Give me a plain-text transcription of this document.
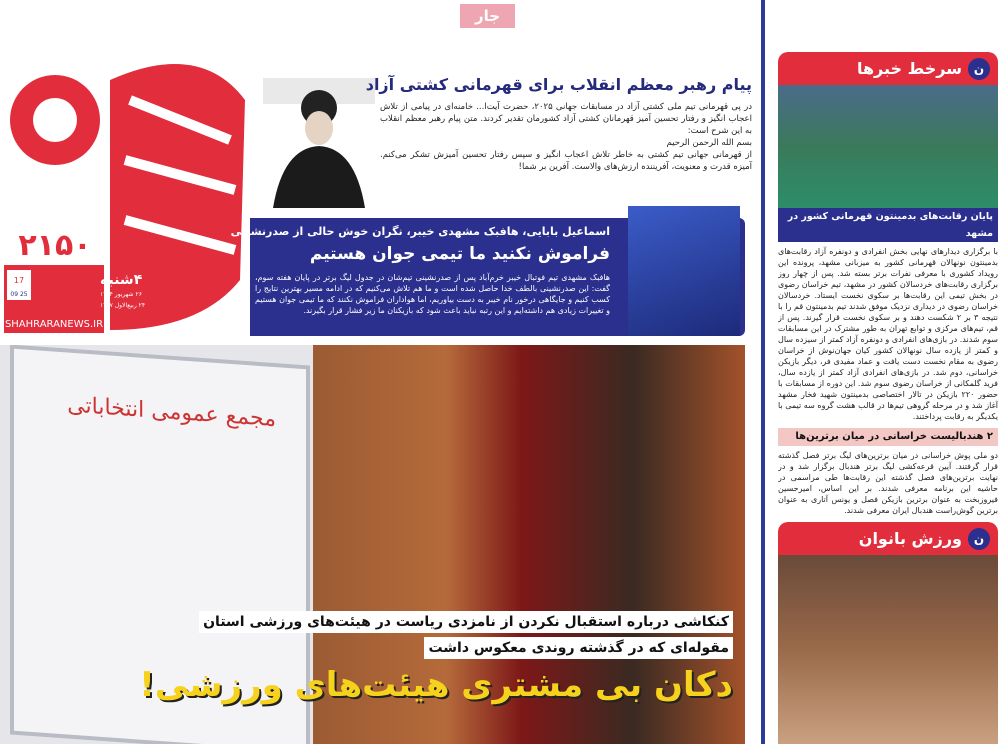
جار
۲۱۵۰
۴شنبه
17
25 09	۲۶ شهریور ۱۴۰۴
۲۴ ربیع‌الاول ۱۴۴۷
SHAHRARANEWS.IR
پیام رهبر معظم انقلاب برای قهرمانی کشتی آزاد

در پی قهرمانی تیم ملی کشتی آزاد در مسابقات جهانی ۲۰۲۵، حضرت آیت‌ا... خامنه‌ای در پیامی از تلاش اعجاب انگیز و رفتار تحسین آمیز قهرمانان کشتی آزاد کشورمان تقدیر کردند. متن پیام رهبر معظم انقلاب به این شرح است:

بسم الله الرحمن الرحیم

از قهرمانی جهانی تیم کشتی به خاطر تلاش اعجاب انگیز و سپس رفتار تحسین آمیزش تشکر می‌کنم. آمیزه قدرت و معنویت، آفریننده ارزش‌های والاست. آفرین بر شما!

اسماعیل بابایی، هافبک مشهدی خیبر، نگران خوش حالی از صدرنشینی
فراموش نکنید ما تیمی جوان هستیم

هافبک مشهدی تیم فوتبال خیبر خرم‌آباد پس از صدرنشینی تیم‌شان در جدول لیگ برتر در پایان هفته سوم، گفت: این صدرنشینی بالطف خدا حاصل شده است و ما هم تلاش می‌کنیم که در ادامه مسیر بهترین نتایج را کسب کنیم و جایگاهی درخور نام خیبر به دست بیاوریم، اما هواداران فراموش نکنند که ما تیمی جوان هستیم و تغییرات زیادی هم داشته‌ایم و این رتبه نباید باعث شود که بازیکنان ما زیر فشار قرار بگیرند.

مجمع عمومی انتخاباتی
کنکاشی درباره استقبال نکردن از نامزدی ریاست در هیئت‌های ورزشی استان
مقوله‌ای که در گذشته روندی معکوس داشت
دکان بی مشتری هیئت‌های ورزشی!
ن
سرخط خبرها
پایان رقابت‌های بدمینتون قهرمانی کشور در مشهد
با برگزاری دیدارهای نهایی بخش انفرادی و دونفره آزاد رقابت‌های بدمینتون نونهالان قهرمانی کشور به میزبانی مشهد، پرونده این رویداد کشوری با معرفی نفرات برتر بسته شد. پس از چهار روز برگزاری رقابت‌های خردسالان کشور در مشهد، تیم خراسان رضوی در بخش تیمی این رقابت‌ها بر سکوی نخست ایستاد. خردسالان خراسان رضوی در دیداری نزدیک موفق شدند تیم بدمینتون قم را با نتیجه ۳ بر ۲ شکست دهند و بر سکوی نخست قرار گیرند. پس از قم، تیم‌های مرکزی و توابع تهران به طور مشترک در این مسابقات سوم شدند. در بازی‌های انفرادی و دونفره آزاد کمتر از سیزده سال و کمتر از یازده سال نونهالان کشور کیان جهان‌نوش از خراسان رضوی به مقام نخست دست یافت و عماد مفیدی فر، دیگر بازیکن خراسانی، دوم شد. در بازی‌های انفرادی آزاد کمتر از یازده سال، فرید گلمکانی از خراسان رضوی سوم شد. این دوره از مسابقات با حضور ۲۲۰ بازیکن در تالار اختصاصی بدمینتون شهید فخار مشهد آغاز شد و در مرحله گروهی تیم‌ها در قالب هشت گروه سه تیمی با یکدیگر به رقابت پرداختند.
۲ هندبالیست خراسانی در میان برترین‌ها
دو ملی پوش خراسانی در میان برترین‌های لیگ برتر فصل گذشته قرار گرفتند. آیین قرعه‌کشی لیگ برتر هندبال برگزار شد و در نهایت برترین‌های فصل گذشته این رقابت‌ها طی مراسمی در حاشیه این برنامه معرفی شدند. بر این اساس، امیرحسین فیروزبخت به عنوان برترین بازیکن فصل و یونس آتاری به عنوان برترین گوش‌راست هندبال ایران معرفی شدند.
ن
ورزش بانوان
